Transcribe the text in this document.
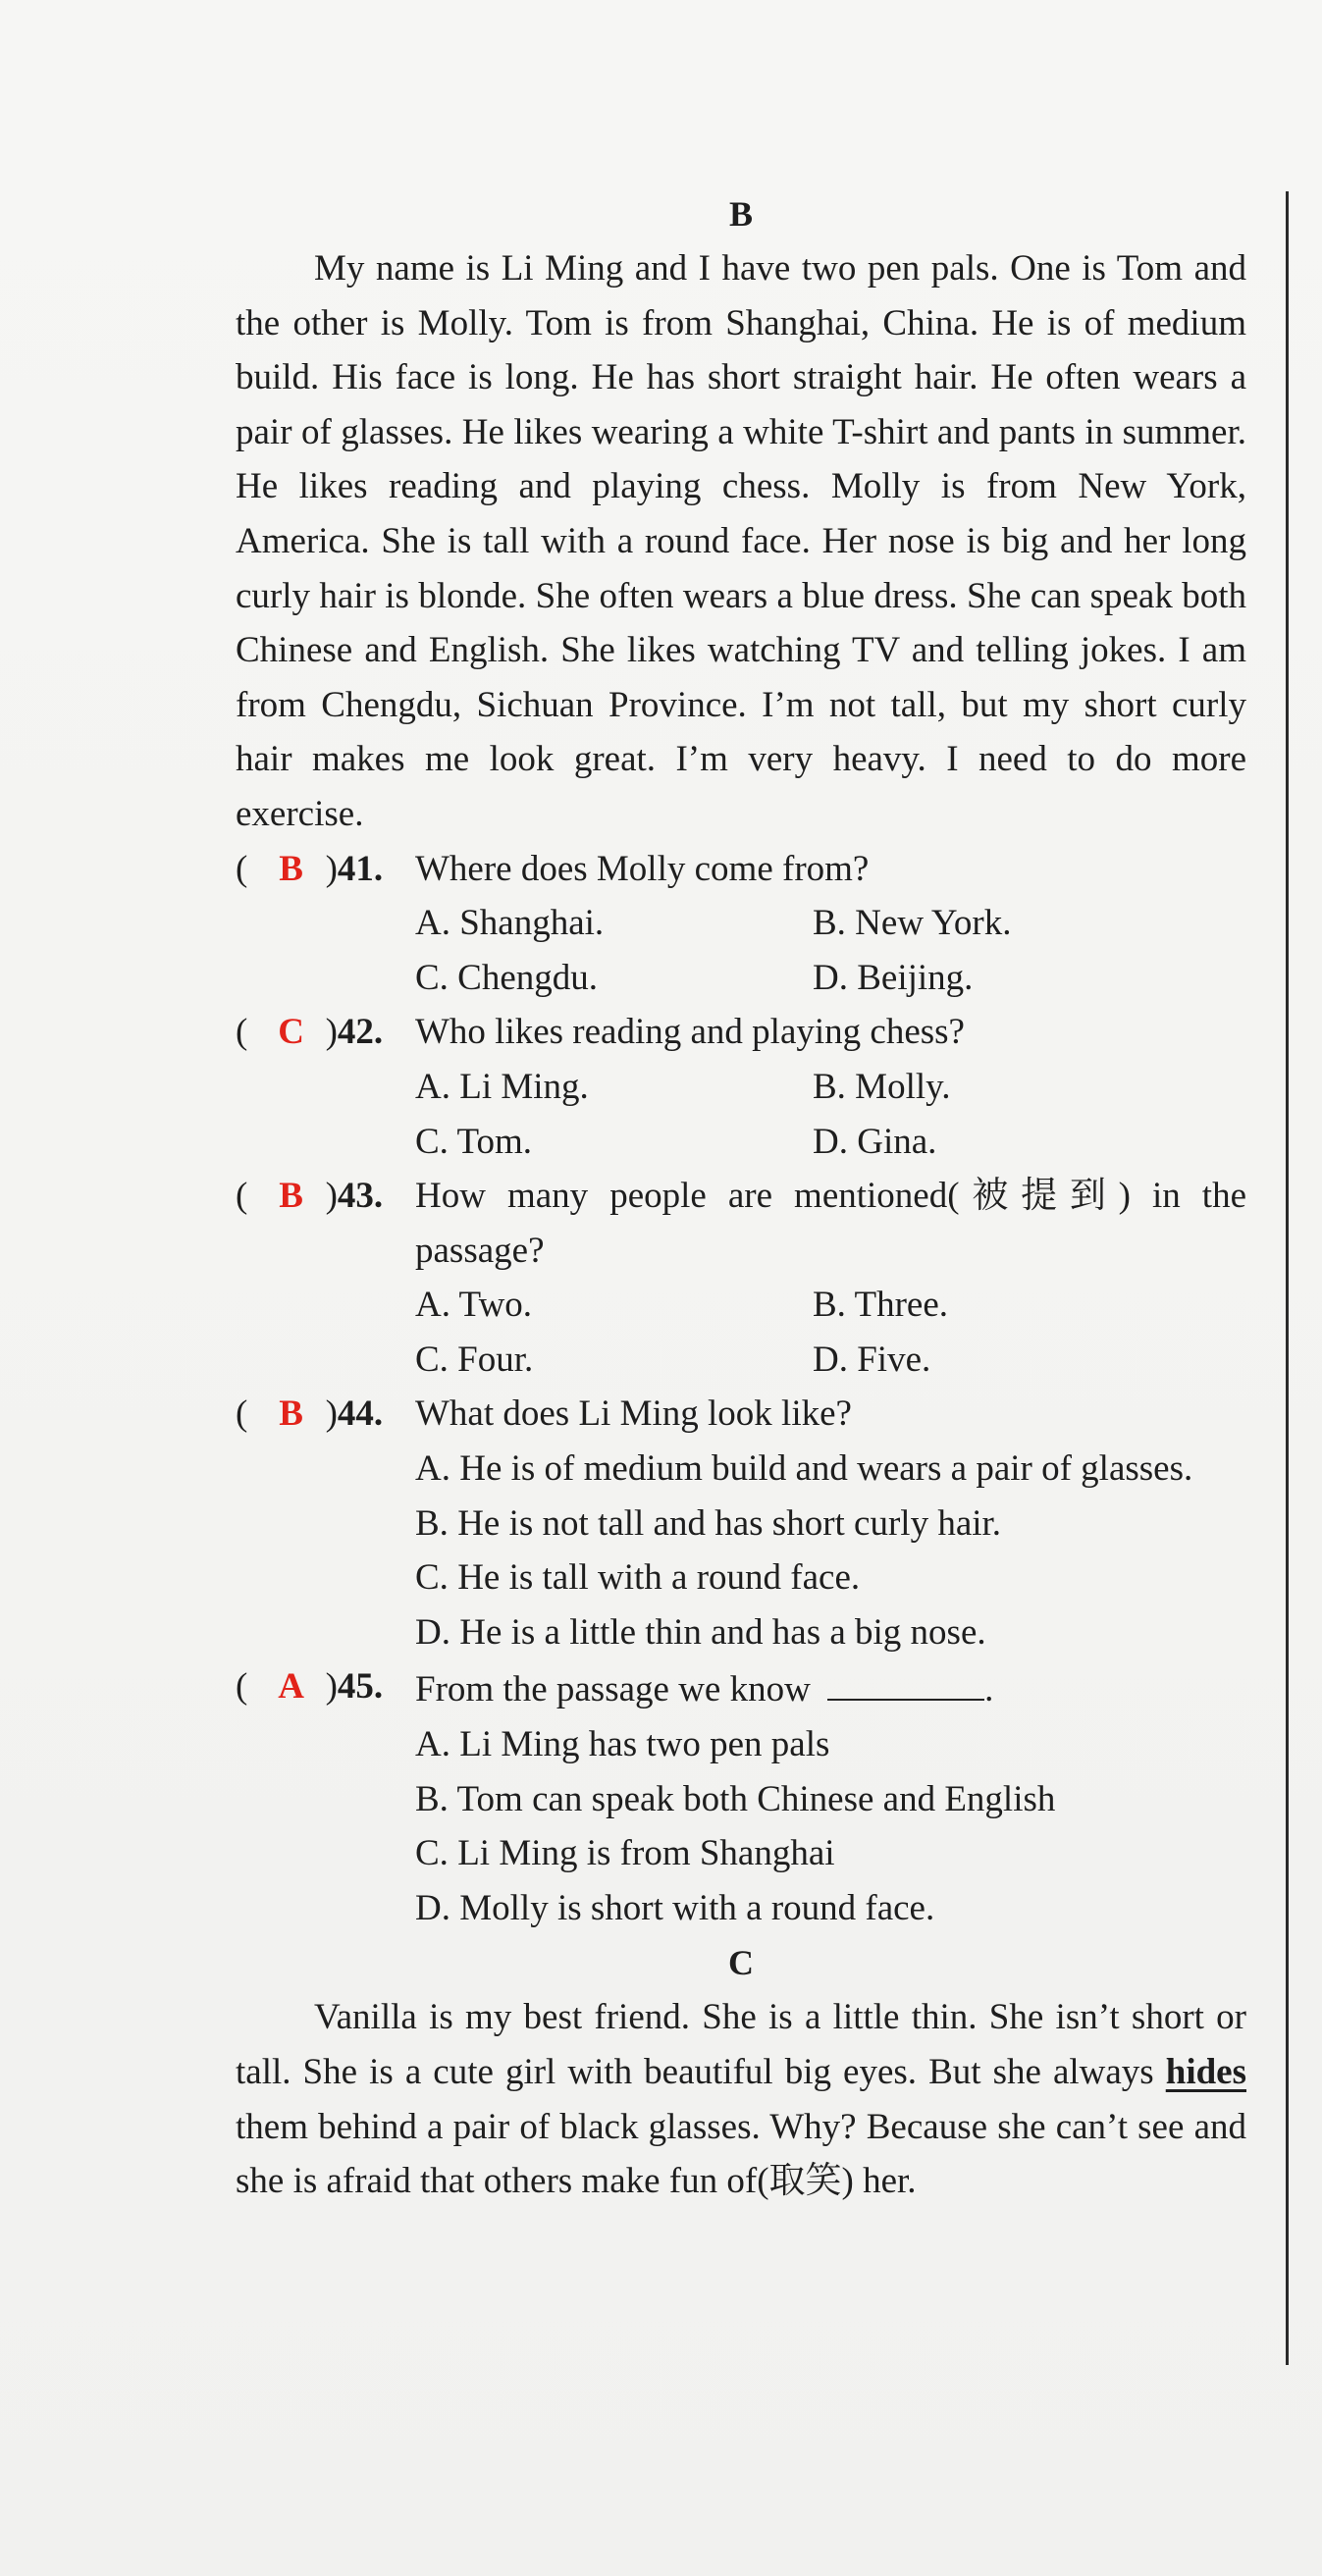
B

My name is Li Ming and I have two pen pals. One is Tom and the other is Molly. Tom is from Shanghai, China. He is of medium build. His face is long. He has short straight hair. He often wears a pair of glasses. He likes wearing a white T-shirt and pants in summer. He likes reading and playing chess. Molly is from New York, America. She is tall with a round face. Her nose is big and her long curly hair is blonde. She often wears a blue dress. She can speak both Chinese and English. She likes watching TV and telling jokes. I am from Chengdu, Sichuan Province. I’m not tall, but my short curly hair makes me look great. I’m very heavy. I need to do more exercise.

( B )41. Where does Molly come from?
A. Shanghai.	B. New York.
C. Chengdu.	D. Beijing.
( C )42. Who likes reading and playing chess?
A. Li Ming.	B. Molly.
C. Tom.	D. Gina.
( B )43. How many people are mentioned(被提到) in the passage?
A. Two.	B. Three.
C. Four.	D. Five.
( B )44. What does Li Ming look like?
A. He is of medium build and wears a pair of glasses.
B. He is not tall and has short curly hair.
C. He is tall with a round face.
D. He is a little thin and has a big nose.
( A )45. From the passage we know	.
A. Li Ming has two pen pals
B. Tom can speak both Chinese and English
C. Li Ming is from Shanghai
D. Molly is short with a round face.

C

Vanilla is my best friend. She is a little thin. She isn’t short or tall. She is a cute girl with beautiful big eyes. But she always hides them behind a pair of black glasses. Why? Because she can’t see and she is afraid that others make fun of(取笑) her.
